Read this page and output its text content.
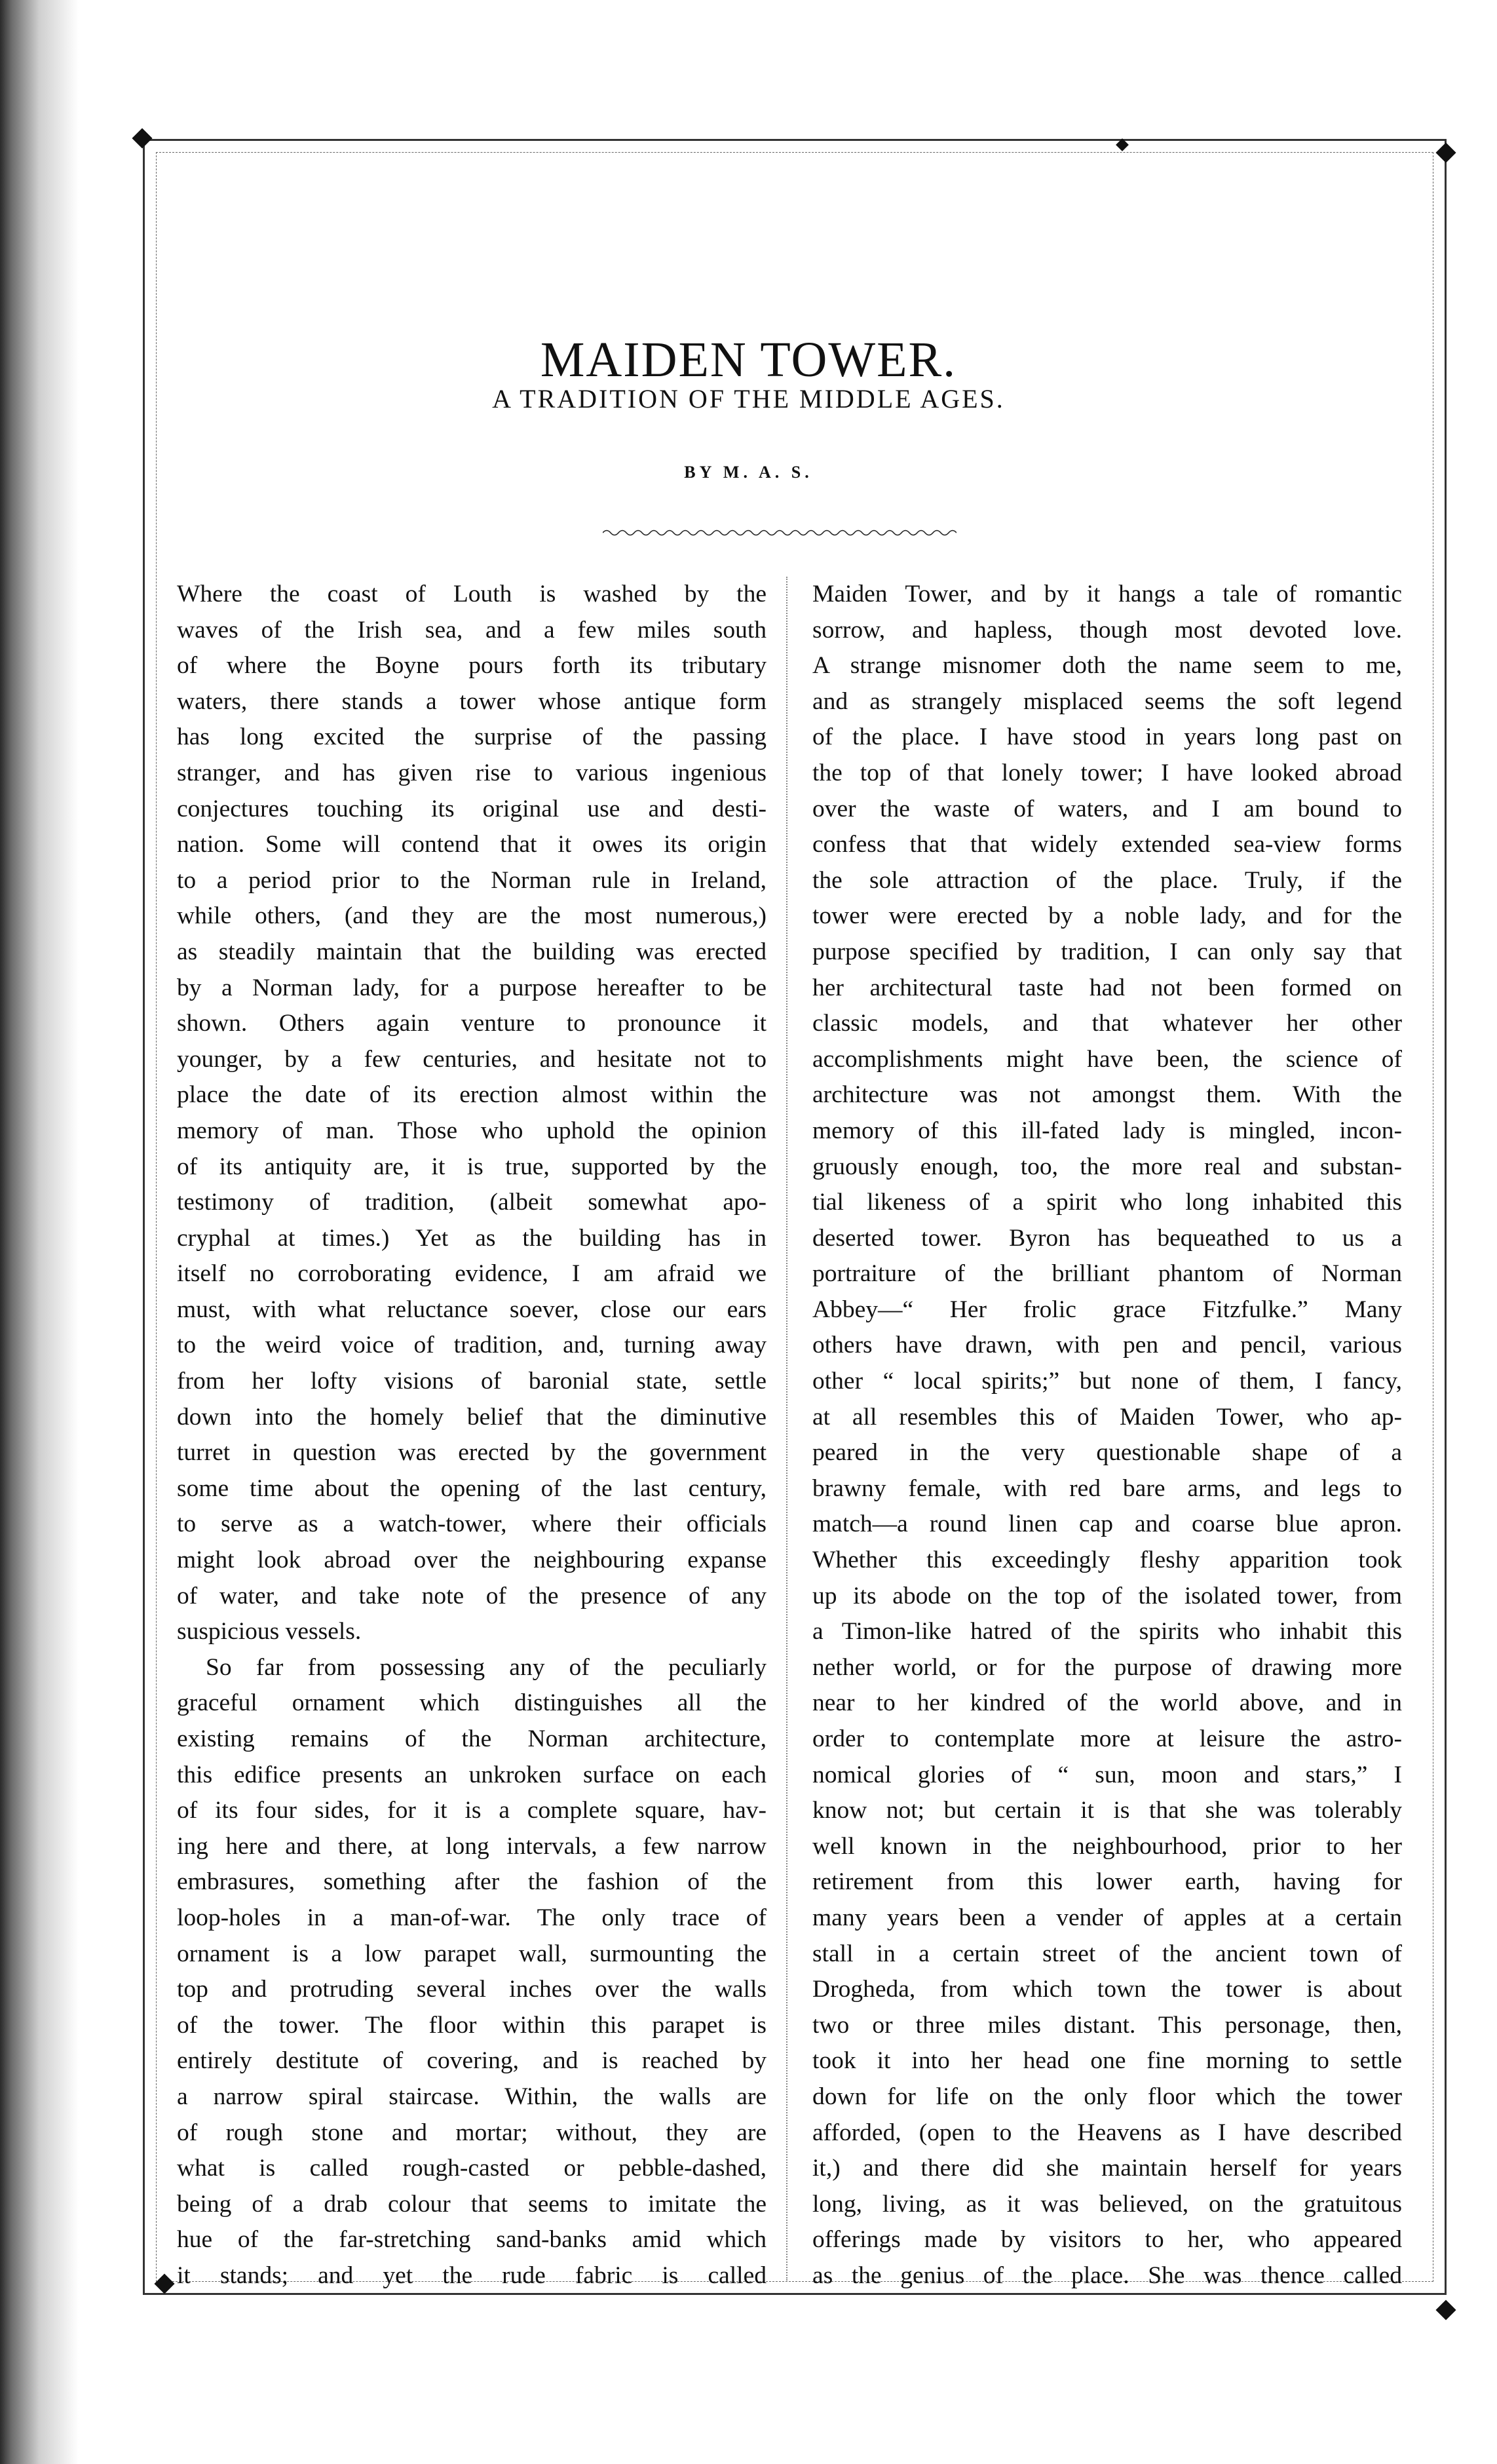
MAIDEN TOWER.
A TRADITION OF THE MIDDLE AGES.
BY M. A. S.
Where the coast of Louth is washed by the
waves of the Irish sea, and a few miles south
of where the Boyne pours forth its tributary
waters, there stands a tower whose antique form
has long excited the surprise of the passing
stranger, and has given rise to various ingenious
conjectures touching its original use and desti-
nation. Some will contend that it owes its origin
to a period prior to the Norman rule in Ireland,
while others, (and they are the most numerous,)
as steadily maintain that the building was erected
by a Norman lady, for a purpose hereafter to be
shown. Others again venture to pronounce it
younger, by a few centuries, and hesitate not to
place the date of its erection almost within the
memory of man. Those who uphold the opinion
of its antiquity are, it is true, supported by the
testimony of tradition, (albeit somewhat apo-
cryphal at times.) Yet as the building has in
itself no corroborating evidence, I am afraid we
must, with what reluctance soever, close our ears
to the weird voice of tradition, and, turning away
from her lofty visions of baronial state, settle
down into the homely belief that the diminutive
turret in question was erected by the government
some time about the opening of the last century,
to serve as a watch-tower, where their officials
might look abroad over the neighbouring expanse
of water, and take note of the presence of any
suspicious vessels.
So far from possessing any of the peculiarly
graceful ornament which distinguishes all the
existing remains of the Norman architecture,
this edifice presents an unkroken surface on each
of its four sides, for it is a complete square, hav-
ing here and there, at long intervals, a few narrow
embrasures, something after the fashion of the
loop-holes in a man-of-war. The only trace of
ornament is a low parapet wall, surmounting the
top and protruding several inches over the walls
of the tower. The floor within this parapet is
entirely destitute of covering, and is reached by
a narrow spiral staircase. Within, the walls are
of rough stone and mortar; without, they are
what is called rough-casted or pebble-dashed,
being of a drab colour that seems to imitate the
hue of the far-stretching sand-banks amid which
it stands; and yet the rude fabric is called
Maiden Tower, and by it hangs a tale of romantic
sorrow, and hapless, though most devoted love.
A strange misnomer doth the name seem to me,
and as strangely misplaced seems the soft legend
of the place. I have stood in years long past on
the top of that lonely tower; I have looked abroad
over the waste of waters, and I am bound to
confess that that widely extended sea-view forms
the sole attraction of the place. Truly, if the
tower were erected by a noble lady, and for the
purpose specified by tradition, I can only say that
her architectural taste had not been formed on
classic models, and that whatever her other
accomplishments might have been, the science of
architecture was not amongst them. With the
memory of this ill-fated lady is mingled, incon-
gruously enough, too, the more real and substan-
tial likeness of a spirit who long inhabited this
deserted tower. Byron has bequeathed to us a
portraiture of the brilliant phantom of Norman
Abbey—“ Her frolic grace Fitzfulke.” Many
others have drawn, with pen and pencil, various
other “ local spirits;” but none of them, I fancy,
at all resembles this of Maiden Tower, who ap-
peared in the very questionable shape of a
brawny female, with red bare arms, and legs to
match—a round linen cap and coarse blue apron.
Whether this exceedingly fleshy apparition took
up its abode on the top of the isolated tower, from
a Timon-like hatred of the spirits who inhabit this
nether world, or for the purpose of drawing more
near to her kindred of the world above, and in
order to contemplate more at leisure the astro-
nomical glories of “ sun, moon and stars,” I
know not; but certain it is that she was tolerably
well known in the neighbourhood, prior to her
retirement from this lower earth, having for
many years been a vender of apples at a certain
stall in a certain street of the ancient town of
Drogheda, from which town the tower is about
two or three miles distant. This personage, then,
took it into her head one fine morning to settle
down for life on the only floor which the tower
afforded, (open to the Heavens as I have described
it,) and there did she maintain herself for years
long, living, as it was believed, on the gratuitous
offerings made by visitors to her, who appeared
as the genius of the place. She was thence called
